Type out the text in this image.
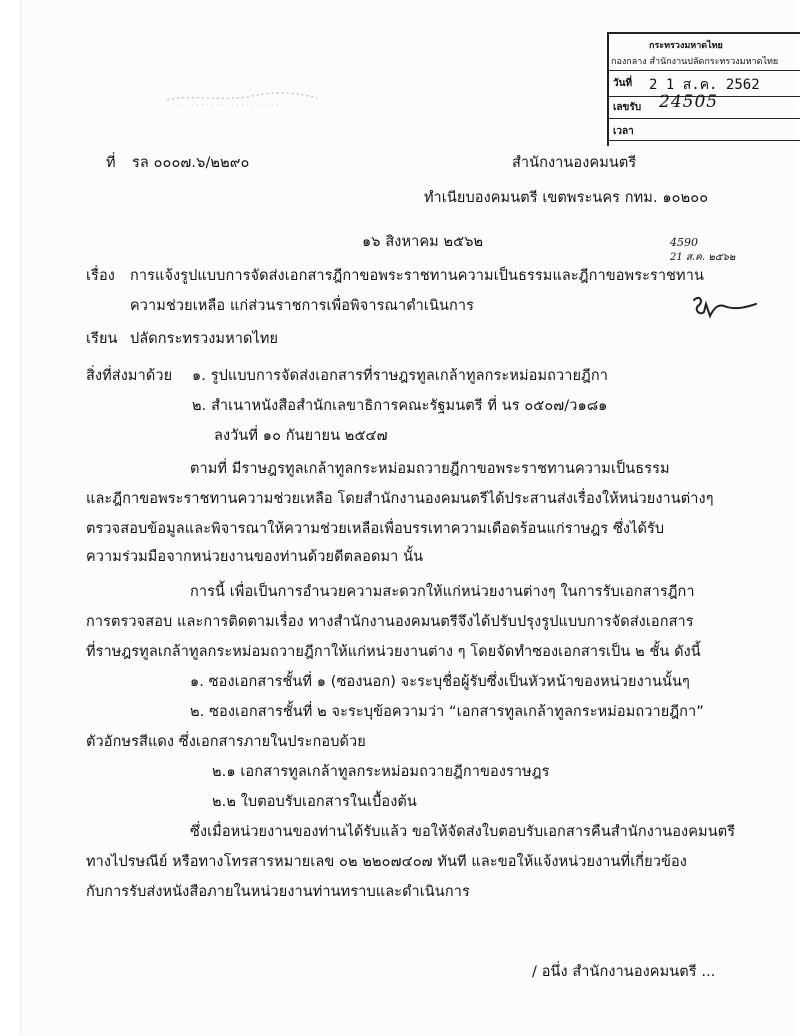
กระทรวงมหาดไทย
กองกลาง สำนักงานปลัดกระทรวงมหาดไทย
วันที่ 2 1 ส.ค. 2562
เลขรับ 24505
เวลา
ที่ รล ๐๐๐๗.๖/๒๒๙๐	สำนักงานองคมนตรี
ทำเนียบองคมนตรี เขตพระนคร กทม. ๑๐๒๐๐
๑๖ สิงหาคม ๒๕๖๒	4590
21 ส.ค. ๒๕๖๒
เรื่อง การแจ้งรูปแบบการจัดส่งเอกสารฎีกาขอพระราชทานความเป็นธรรมและฎีกาขอพระราชทาน
ความช่วยเหลือ แก่ส่วนราชการเพื่อพิจารณาดำเนินการ
เรียน ปลัดกระทรวงมหาดไทย
สิ่งที่ส่งมาด้วย ๑. รูปแบบการจัดส่งเอกสารที่ราษฎรทูลเกล้าทูลกระหม่อมถวายฎีกา
๒. สำเนาหนังสือสำนักเลขาธิการคณะรัฐมนตรี ที่ นร ๐๕๐๗/ว๑๘๑
ลงวันที่ ๑๐ กันยายน ๒๕๔๗
ตามที่ มีราษฎรทูลเกล้าทูลกระหม่อมถวายฎีกาขอพระราชทานความเป็นธรรม
และฎีกาขอพระราชทานความช่วยเหลือ โดยสำนักงานองคมนตรีได้ประสานส่งเรื่องให้หน่วยงานต่างๆ
ตรวจสอบข้อมูลและพิจารณาให้ความช่วยเหลือเพื่อบรรเทาความเดือดร้อนแก่ราษฎร ซึ่งได้รับ
ความร่วมมือจากหน่วยงานของท่านด้วยดีตลอดมา นั้น
การนี้ เพื่อเป็นการอำนวยความสะดวกให้แก่หน่วยงานต่างๆ ในการรับเอกสารฎีกา
การตรวจสอบ และการติดตามเรื่อง ทางสำนักงานองคมนตรีจึงได้ปรับปรุงรูปแบบการจัดส่งเอกสาร
ที่ราษฎรทูลเกล้าทูลกระหม่อมถวายฎีกาให้แก่หน่วยงานต่าง ๆ โดยจัดทำซองเอกสารเป็น ๒ ชั้น ดังนี้
๑. ซองเอกสารชั้นที่ ๑ (ซองนอก) จะระบุชื่อผู้รับซึ่งเป็นหัวหน้าของหน่วยงานนั้นๆ
๒. ซองเอกสารชั้นที่ ๒ จะระบุข้อความว่า “เอกสารทูลเกล้าทูลกระหม่อมถวายฎีกา”
ตัวอักษรสีแดง ซึ่งเอกสารภายในประกอบด้วย
๒.๑ เอกสารทูลเกล้าทูลกระหม่อมถวายฎีกาของราษฎร
๒.๒ ใบตอบรับเอกสารในเบื้องต้น
ซึ่งเมื่อหน่วยงานของท่านได้รับแล้ว ขอให้จัดส่งใบตอบรับเอกสารคืนสำนักงานองคมนตรี
ทางไปรษณีย์ หรือทางโทรสารหมายเลข ๐๒ ๒๒๐๗๔๐๗ ทันที และขอให้แจ้งหน่วยงานที่เกี่ยวข้อง
กับการรับส่งหนังสือภายในหน่วยงานท่านทราบและดำเนินการ
/ อนึ่ง สำนักงานองคมนตรี ...
